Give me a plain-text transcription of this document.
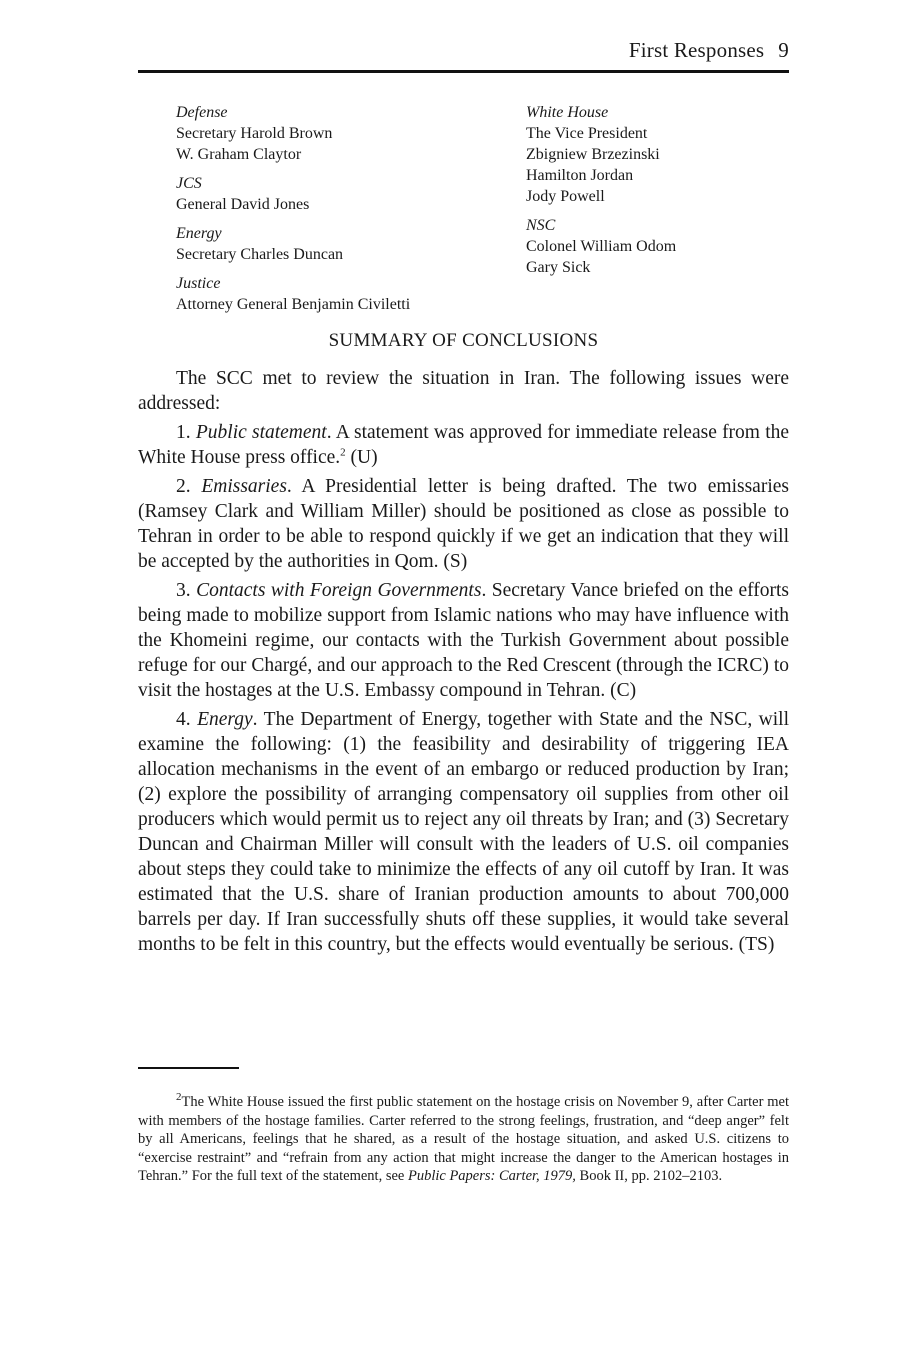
First Responses 9
Defense
Secretary Harold Brown
W. Graham Claytor
JCS
General David Jones
Energy
Secretary Charles Duncan
Justice
Attorney General Benjamin Civiletti
White House
The Vice President
Zbigniew Brzezinski
Hamilton Jordan
Jody Powell
NSC
Colonel William Odom
Gary Sick
SUMMARY OF CONCLUSIONS

The SCC met to review the situation in Iran. The following issues were addressed:

1. Public statement. A statement was approved for immediate release from the White House press office.$^2$ (U)

2. Emissaries. A Presidential letter is being drafted. The two emissaries (Ramsey Clark and William Miller) should be positioned as close as possible to Tehran in order to be able to respond quickly if we get an indication that they will be accepted by the authorities in Qom. (S)

3. Contacts with Foreign Governments. Secretary Vance briefed on the efforts being made to mobilize support from Islamic nations who may have influence with the Khomeini regime, our contacts with the Turkish Government about possible refuge for our Chargé, and our approach to the Red Crescent (through the ICRC) to visit the hostages at the U.S. Embassy compound in Tehran. (C)

4. Energy. The Department of Energy, together with State and the NSC, will examine the following: (1) the feasibility and desirability of triggering IEA allocation mechanisms in the event of an embargo or reduced production by Iran; (2) explore the possibility of arranging compensatory oil supplies from other oil producers which would permit us to reject any oil threats by Iran; and (3) Secretary Duncan and Chairman Miller will consult with the leaders of U.S. oil companies about steps they could take to minimize the effects of any oil cutoff by Iran. It was estimated that the U.S. share of Iranian production amounts to about 700,000 barrels per day. If Iran successfully shuts off these supplies, it would take several months to be felt in this country, but the effects would eventually be serious. (TS)

$^2$The White House issued the first public statement on the hostage crisis on November 9, after Carter met with members of the hostage families. Carter referred to the strong feelings, frustration, and “deep anger” felt by all Americans, feelings that he shared, as a result of the hostage situation, and asked U.S. citizens to “exercise restraint” and “refrain from any action that might increase the danger to the American hostages in Tehran.” For the full text of the statement, see Public Papers: Carter, 1979, Book II, pp. 2102–2103.
